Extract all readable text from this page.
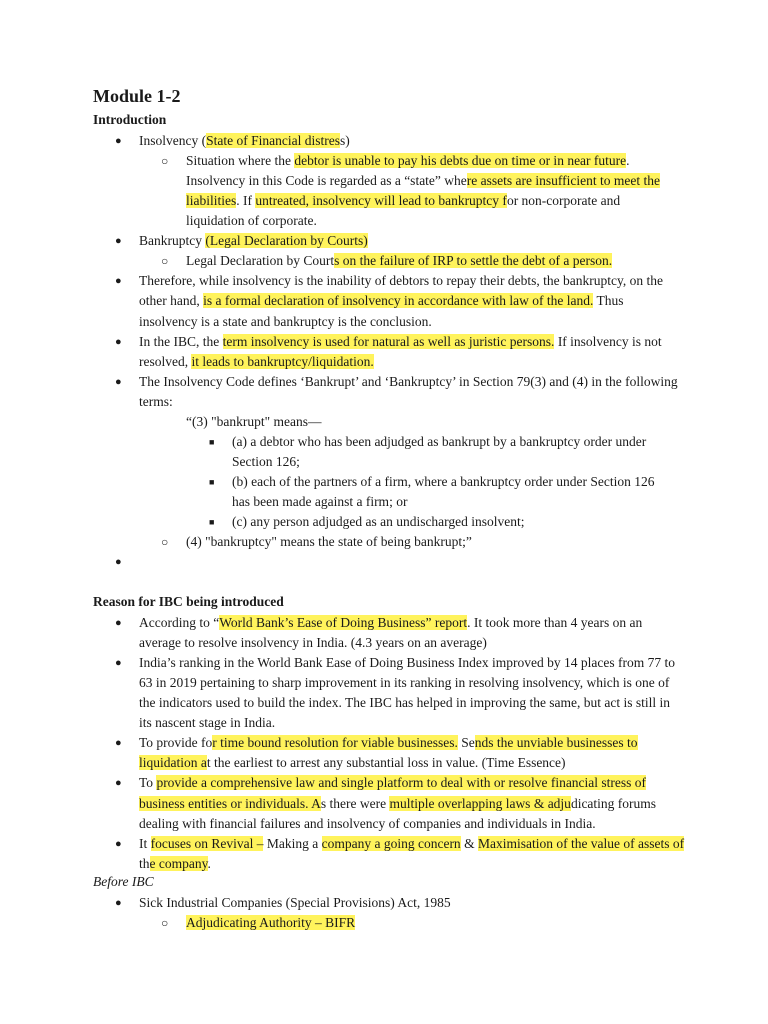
Module 1-2
Introduction
Reason for IBC being introduced
Before IBC
●
○
●
○
●
●
●
■
■
■
○
●
●
●
●
●
●
●
○
Insolvency (State of Financial distress)
Situation where the debtor is unable to pay his debts due on time or in near future.
Insolvency in this Code is regarded as a “state” where assets are insufficient to meet the
liabilities. If untreated, insolvency will lead to bankruptcy for non-corporate and
liquidation of corporate.
Bankruptcy (Legal Declaration by Courts)
Legal Declaration by Courts on the failure of IRP to settle the debt of a person.
Therefore, while insolvency is the inability of debtors to repay their debts, the bankruptcy, on the
other hand, is a formal declaration of insolvency in accordance with law of the land. Thus
insolvency is a state and bankruptcy is the conclusion.
In the IBC, the term insolvency is used for natural as well as juristic persons. If insolvency is not
resolved, it leads to bankruptcy/liquidation.
The Insolvency Code defines ‘Bankrupt’ and ‘Bankruptcy’ in Section 79(3) and (4) in the following
terms:
“(3) "bankrupt" means—
(a) a debtor who has been adjudged as bankrupt by a bankruptcy order under
Section 126;
(b) each of the partners of a firm, where a bankruptcy order under Section 126
has been made against a firm; or
(c) any person adjudged as an undischarged insolvent;
(4) "bankruptcy" means the state of being bankrupt;”
According to “World Bank’s Ease of Doing Business” report. It took more than 4 years on an
average to resolve insolvency in India. (4.3 years on an average)
India’s ranking in the World Bank Ease of Doing Business Index improved by 14 places from 77 to
63 in 2019 pertaining to sharp improvement in its ranking in resolving insolvency, which is one of
the indicators used to build the index. The IBC has helped in improving the same, but act is still in
its nascent stage in India.
To provide for time bound resolution for viable businesses. Sends the unviable businesses to
liquidation at the earliest to arrest any substantial loss in value. (Time Essence)
To provide a comprehensive law and single platform to deal with or resolve financial stress of
business entities or individuals. As there were multiple overlapping laws & adjudicating forums
dealing with financial failures and insolvency of companies and individuals in India.
It focuses on Revival – Making a company a going concern & Maximisation of the value of assets of
the company.
Sick Industrial Companies (Special Provisions) Act, 1985
Adjudicating Authority – BIFR
